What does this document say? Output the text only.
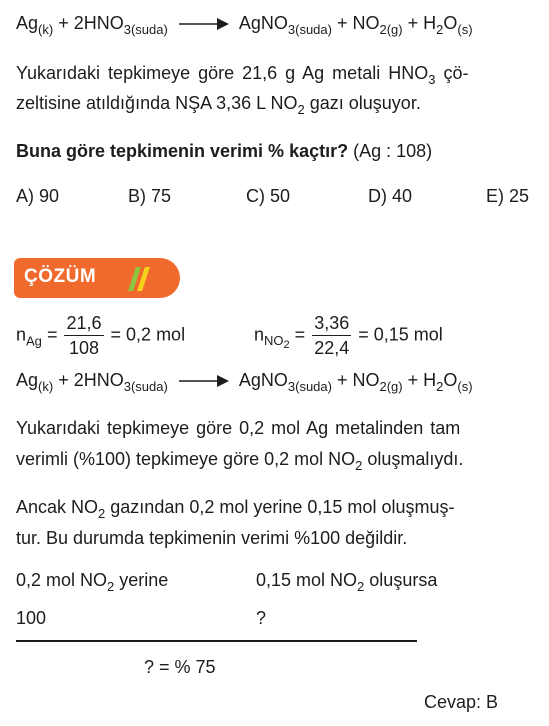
$Ag_{(k)} + 2HNO_{3(suda)}$ → AgNO$_{3(suda)}$ + $NO_{2(g)} + H_2O_{(s)}$
Yukarıdaki tepkimeye göre 21,6 g Ag metali $HNO_3$ çö-
zeltisine atıldığında NŞA 3,36 L $NO_2$ gazı oluşuyor.
Buna göre tepkimenin verimi % kaçtır? (Ag : 108)
A) 90	B) 75	C) 50	D) 40	E) 25
ÇÖZÜM
$n_{Ag} = \frac{21,6}{108} = 0,2$ mol	$n_{NO_2} = \frac{3,36}{22,4} = 0,15$ mol
$Ag_{(k)} + 2HNO_{3(suda)}$ → AgNO$_{3(suda)}$ + $NO_{2(g)} + H_2O_{(s)}$
Yukarıdaki tepkimeye göre 0,2 mol Ag metalinden tam
verimli (%100) tepkimeye göre 0,2 mol $NO_2$ oluşmalıydı.
Ancak $NO_2$ gazından 0,2 mol yerine 0,15 mol oluşmuş-
tur. Bu durumda tepkimenin verimi %100 değildir.
0,2 mol $NO_2$ yerine	0,15 mol $NO_2$ oluşursa
100	?
? = % 75
Cevap: B
